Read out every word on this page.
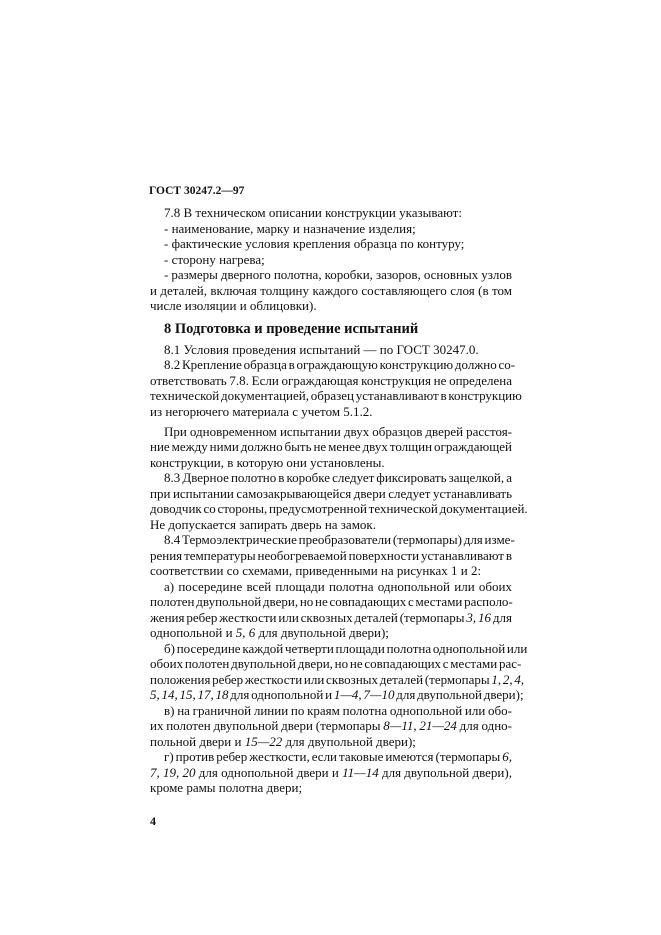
ГОСТ 30247.2—97
7.8 В техническом описании конструкции указывают:
- наименование, марку и назначение изделия;
- фактические условия крепления образца по контуру;
- сторону нагрева;
- размеры дверного полотна, коробки, зазоров, основных узлов
и деталей, включая толщину каждого составляющего слоя (в том
числе изоляции и облицовки).
8 Подготовка и проведение испытаний
8.1 Условия проведения испытаний — по ГОСТ 30247.0.
8.2 Крепление образца в ограждающую конструкцию должно со-
ответствовать 7.8. Если ограждающая конструкция не определена
технической документацией, образец устанавливают в конструкцию
из негорючего материала с учетом 5.1.2.
При одновременном испытании двух образцов дверей расстоя-
ние между ними должно быть не менее двух толщин ограждающей
конструкции, в которую они установлены.
8.3 Дверное полотно в коробке следует фиксировать защелкой, а
при испытании самозакрывающейся двери следует устанавливать
доводчик со стороны, предусмотренной технической документацией.
Не допускается запирать дверь на замок.
8.4 Термоэлектрические преобразователи (термопары) для изме-
рения температуры необогреваемой поверхности устанавливают в
соответствии со схемами, приведенными на рисунках 1 и 2:
а) посередине всей площади полотна однопольной или обоих
полотен двупольной двери, но не совпадающих с местами располо-
жения ребер жесткости или сквозных деталей (термопары 3, 16 для
однопольной и 5, 6 для двупольной двери);
б) посередине каждой четверти площади полотна однопольной или
обоих полотен двупольной двери, но не совпадающих с местами рас-
положения ребер жесткости или сквозных деталей (термопары 1, 2, 4,
5, 14, 15, 17, 18 для однопольной и 1—4, 7—10 для двупольной двери);
в) на граничной линии по краям полотна однопольной или обо-
их полотен двупольной двери (термопары 8—11, 21—24 для одно-
польной двери и 15—22 для двупольной двери);
г) против ребер жесткости, если таковые имеются (термопары 6,
7, 19, 20 для однопольной двери и 11—14 для двупольной двери),
кроме рамы полотна двери;
4
